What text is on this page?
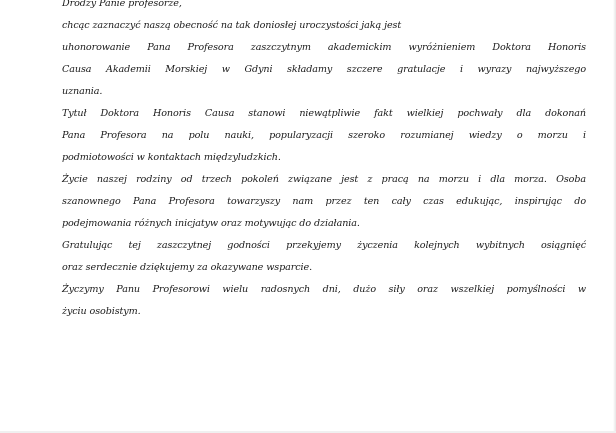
Drodzy Panie profesorze,

chcąc zaznaczyć naszą obecność na tak doniosłej uroczystości jaką jest

uhonorowanie Pana Profesora zaszczytnym akademickim wyróżnieniem Doktora Honoris

Causa Akademii Morskiej w Gdyni składamy szczere gratulacje i wyrazy najwyższego

uznania.

Tytuł Doktora Honoris Causa stanowi niewątpliwie fakt wielkiej pochwały dla dokonań

Pana Profesora na polu nauki, popularyzacji szeroko rozumianej wiedzy o morzu i

podmiotowości w kontaktach międzyludzkich.

Życie naszej rodziny od trzech pokoleń związane jest z pracą na morzu i dla morza. Osoba

szanownego Pana Profesora towarzyszy nam przez ten cały czas edukując, inspirując do

podejmowania różnych inicjatyw oraz motywując do działania.

Gratulując tej zaszczytnej godności przekyjemy życzenia kolejnych wybitnych osiągnięć

oraz serdecznie dziękujemy za okazywane wsparcie.

Życzymy Panu Profesorowi wielu radosnych dni, dużo siły oraz wszelkiej pomyślności w

życiu osobistym.
